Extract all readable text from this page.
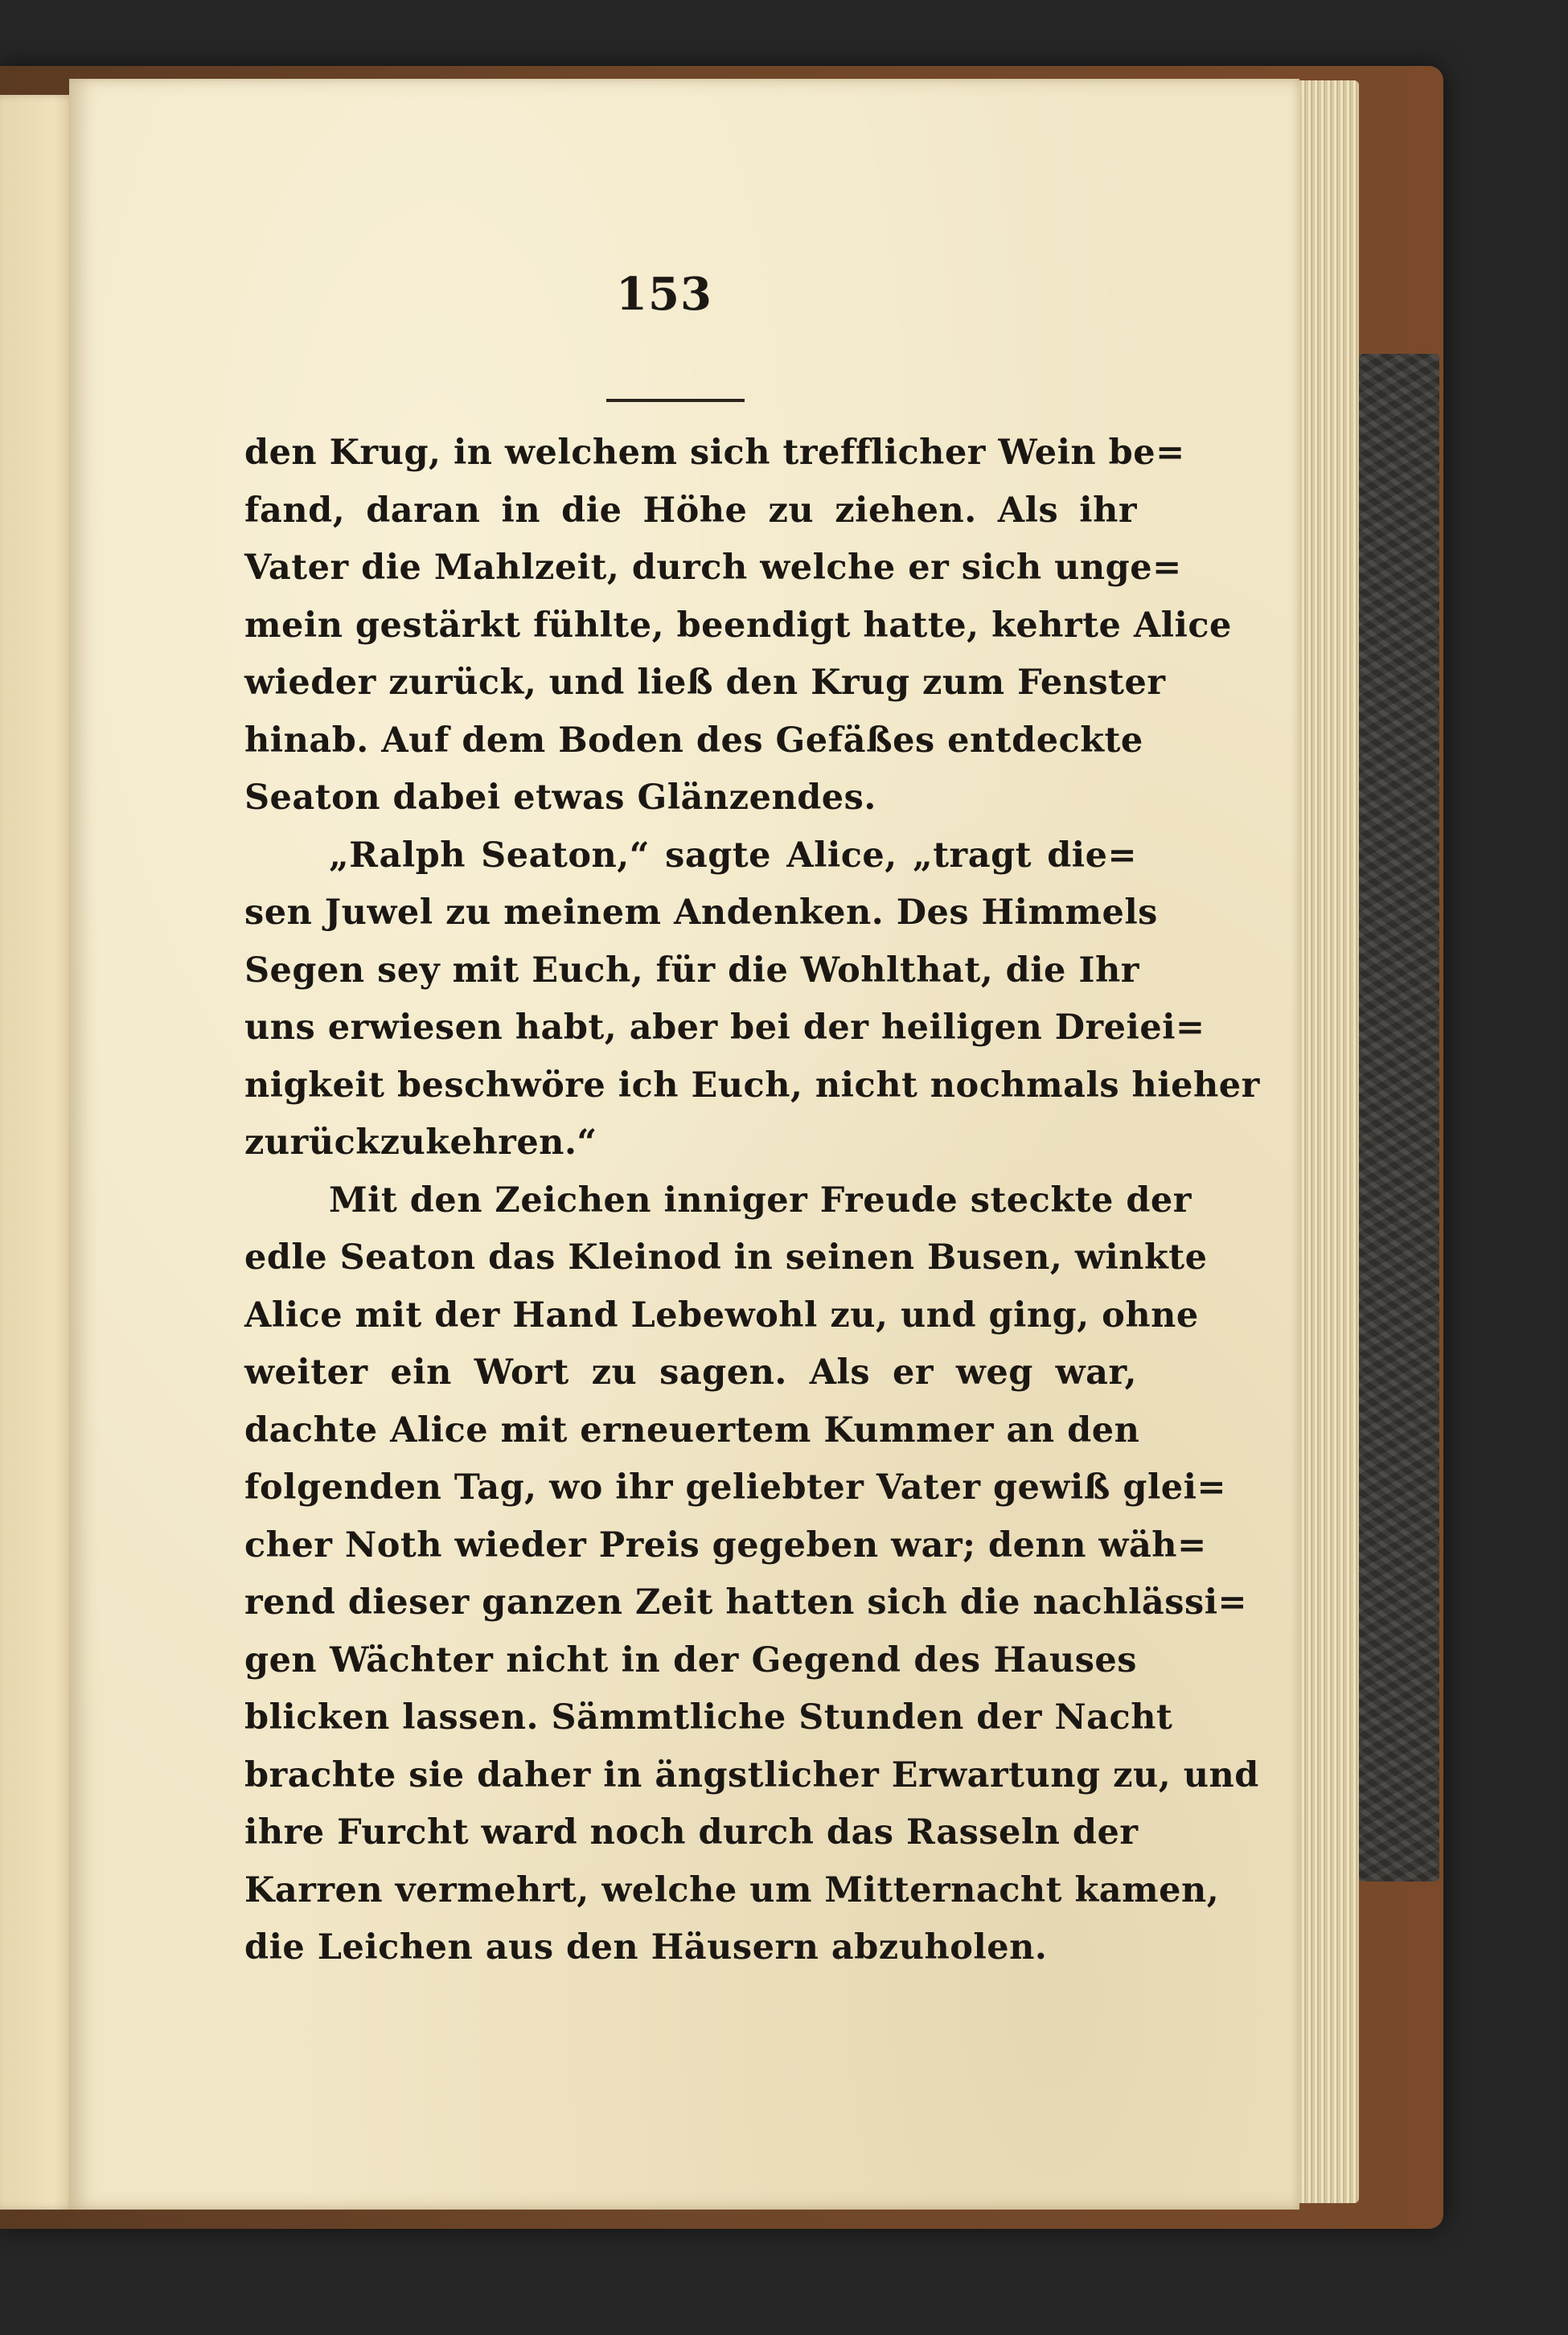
153
den Krug, in welchem sich trefflicher Wein be=
fand, daran in die Höhe zu ziehen. Als ihr
Vater die Mahlzeit, durch welche er sich unge=
mein gestärkt fühlte, beendigt hatte, kehrte Alice
wieder zurück, und ließ den Krug zum Fenster
hinab. Auf dem Boden des Gefäßes entdeckte
Seaton dabei etwas Glänzendes.
„Ralph Seaton,“ sagte Alice, „tragt die=
sen Juwel zu meinem Andenken. Des Himmels
Segen sey mit Euch, für die Wohlthat, die Ihr
uns erwiesen habt, aber bei der heiligen Dreiei=
nigkeit beschwöre ich Euch, nicht nochmals hieher
zurückzukehren.“
Mit den Zeichen inniger Freude steckte der
edle Seaton das Kleinod in seinen Busen, winkte
Alice mit der Hand Lebewohl zu, und ging, ohne
weiter ein Wort zu sagen. Als er weg war,
dachte Alice mit erneuertem Kummer an den
folgenden Tag, wo ihr geliebter Vater gewiß glei=
cher Noth wieder Preis gegeben war; denn wäh=
rend dieser ganzen Zeit hatten sich die nachlässi=
gen Wächter nicht in der Gegend des Hauses
blicken lassen. Sämmtliche Stunden der Nacht
brachte sie daher in ängstlicher Erwartung zu, und
ihre Furcht ward noch durch das Rasseln der
Karren vermehrt, welche um Mitternacht kamen,
die Leichen aus den Häusern abzuholen.
